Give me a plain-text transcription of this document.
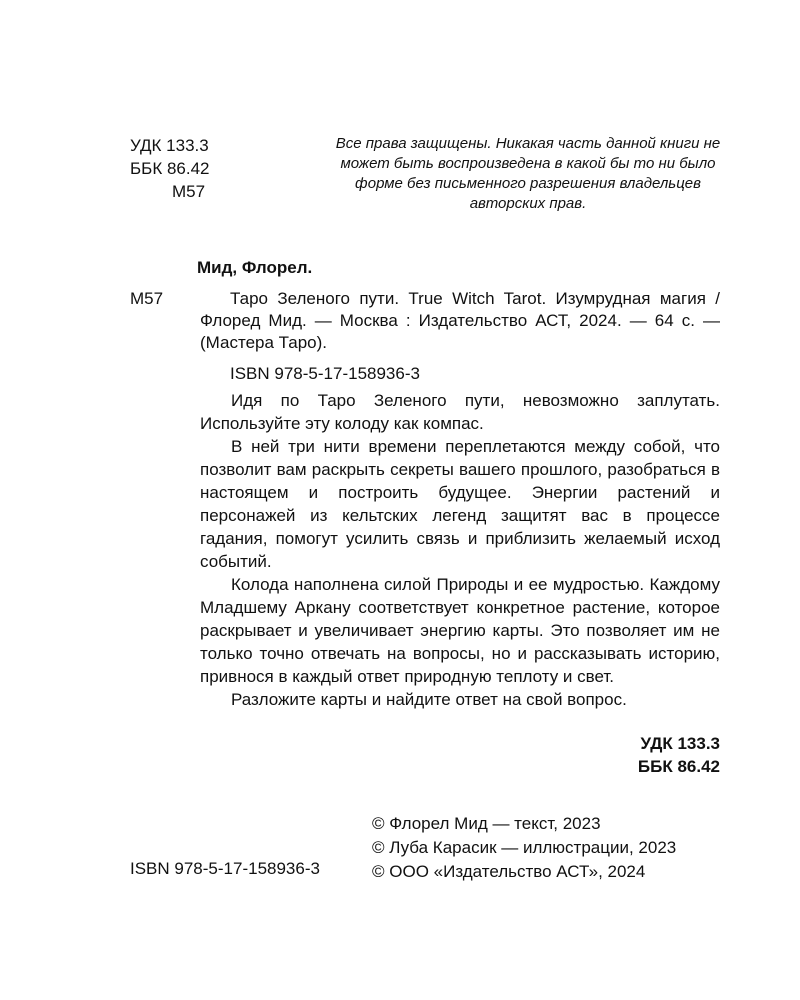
УДК 133.3
ББК 86.42
М57
Все права защищены. Никакая часть данной книги не может быть воспроизведена в какой бы то ни было форме без письменного разрешения владельцев авторских прав.
Мид, Флорел.
М57	Таро Зеленого пути. True Witch Tarot. Изумрудная магия / Флоред Мид. — Москва : Издательство АСТ, 2024. — 64 с. — (Мастера Таро).
ISBN 978-5-17-158936-3

Идя по Таро Зеленого пути, невозможно заплутать. Используйте эту колоду как компас.

В ней три нити времени переплетаются между собой, что позволит вам раскрыть секреты вашего прошлого, разобраться в настоящем и построить будущее. Энергии растений и персонажей из кельтских легенд защитят вас в процессе гадания, помогут усилить связь и приблизить желаемый исход событий.

Колода наполнена силой Природы и ее мудростью. Каждому Младшему Аркану соответствует конкретное растение, которое раскрывает и увеличивает энергию карты. Это позволяет им не только точно отвечать на вопросы, но и рассказывать историю, привнося в каждый ответ природную теплоту и свет.

Разложите карты и найдите ответ на свой вопрос.

УДК 133.3
ББК 86.42
© Флорел Мид — текст, 2023
© Луба Карасик — иллюстрации, 2023
© ООО «Издательство АСТ», 2024
ISBN 978-5-17-158936-3
